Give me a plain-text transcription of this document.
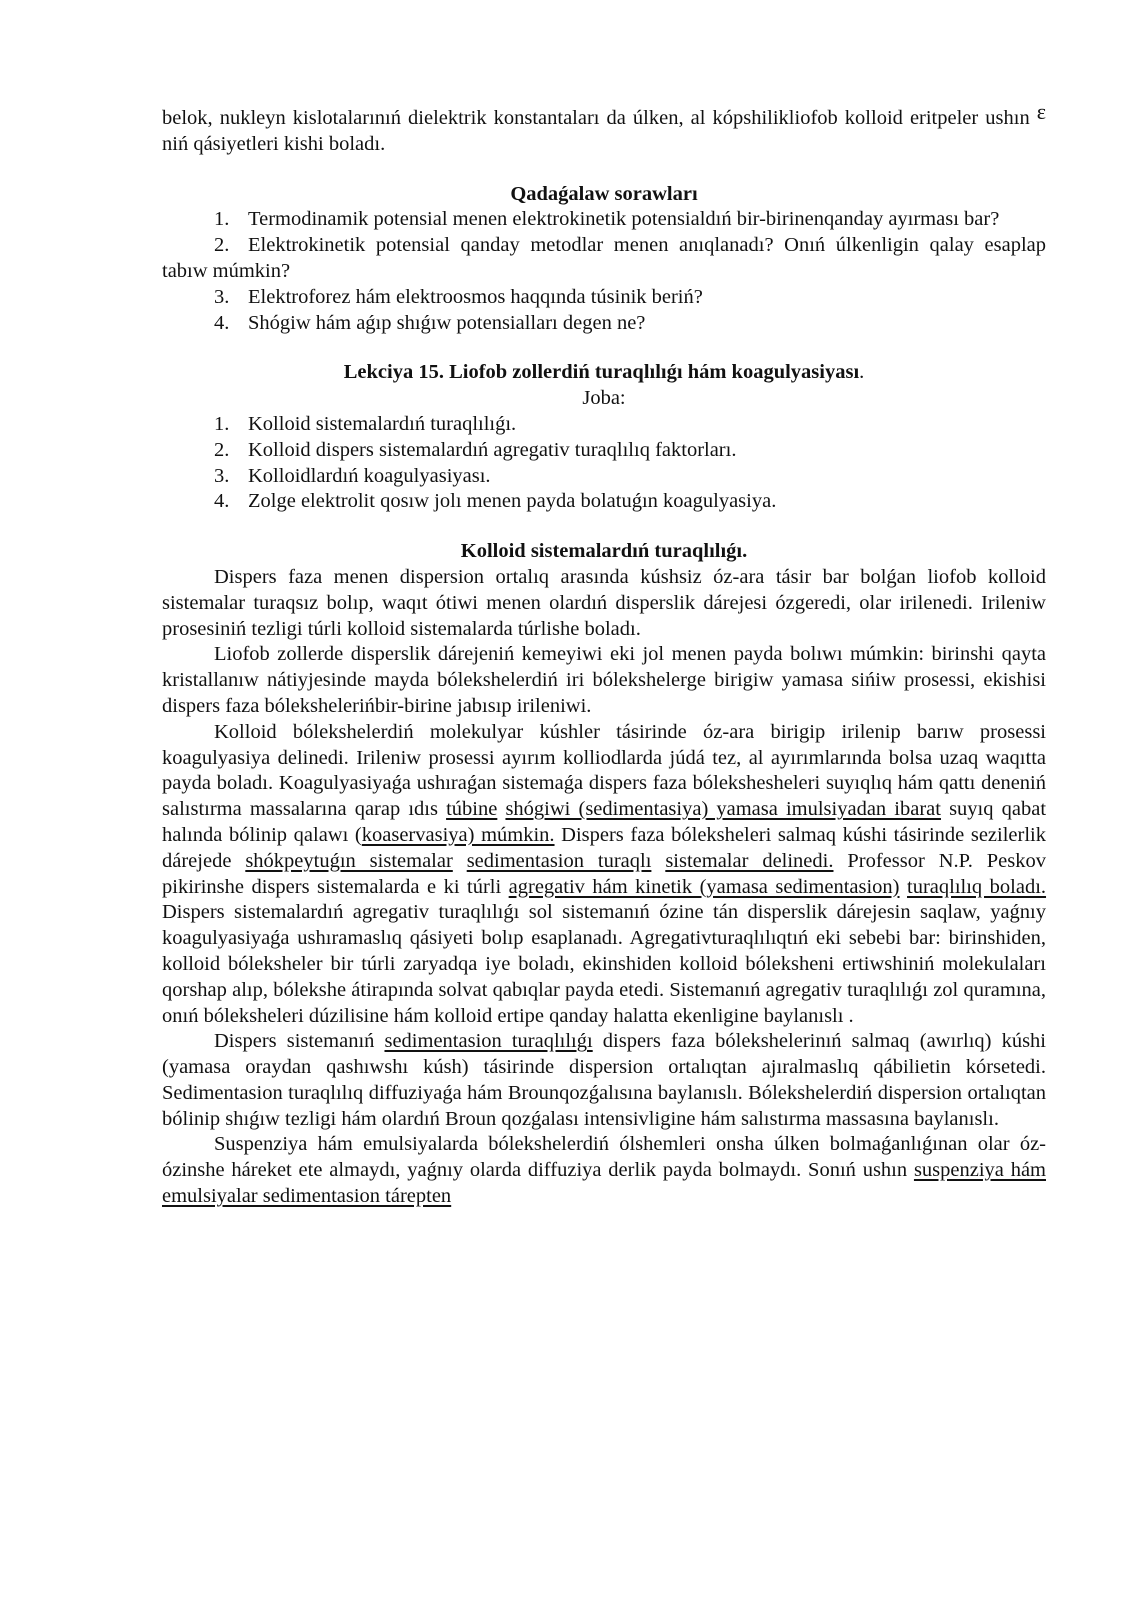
belok, nukleyn kislotalarınıń dielektrik konstantaları da úlken, al kópshilikliofob kolloid eritpeler ushın ε niń qásiyetleri kishi boladı.

Qadaǵalaw sorawları
1. Termodinamik potensial menen elektrokinetik potensialdıń bir-birinenqanday ayırması bar?
2. Elektrokinetik potensial qanday metodlar menen anıqlanadı? Onıń úlkenligin qalay esaplap tabıw múmkin?
3. Elektroforez hám elektroosmos haqqında túsinik beriń?
4. Shógiw hám aǵıp shıǵıw potensialları degen ne?
Lekciya 15. Liofob zollerdiń turaqlılıǵı hám koagulyasiyası.
Joba:
1. Kolloid sistemalardıń turaqlılıǵı.
2. Kolloid dispers sistemalardıń agregativ turaqlılıq faktorları.
3. Kolloidlardıń koagulyasiyası.
4. Zolge elektrolit qosıw jolı menen payda bolatuǵın koagulyasiya.
Kolloid sistemalardıń turaqlılıǵı.

Dispers faza menen dispersion ortalıq arasında kúshsiz óz-ara tásir bar bolǵan liofob kolloid sistemalar turaqsız bolıp, waqıt ótiwi menen olardıń disperslik dárejesi ózgeredi, olar irilenedi. Irileniw prosesiniń tezligi túrli kolloid sistemalarda túrlishe boladı.

Liofob zollerde disperslik dárejeniń kemeyiwi eki jol menen payda bolıwı múmkin: birinshi qayta kristallanıw nátiyjesinde mayda bólekshelerdiń iri bólekshelerge birigiw yamasa sińiw prosessi, ekishisi dispers faza bólekshelerińbir-birine jabısıp irileniwi.

Kolloid bólekshelerdiń molekulyar kúshler tásirinde óz-ara birigip irilenip barıw prosessi koagulyasiya delinedi. Irileniw prosessi ayırım kolliodlarda júdá tez, al ayırımlarında bolsa uzaq waqıtta payda boladı. Koagulyasiyaǵa ushıraǵan sistemaǵa dispers faza bólekshesheleri suyıqlıq hám qattı deneniń salıstırma massalarına qarap ıdıs túbine shógiwi (sedimentasiya) yamasa imulsiyadan ibarat suyıq qabat halında bólinip qalawı (koaservasiya) múmkin. Dispers faza bóleksheleri salmaq kúshi tásirinde sezilerlik dárejede shókpeytuǵın sistemalar sedimentasion turaqlı sistemalar delinedi. Professor N.P. Peskov pikirinshe dispers sistemalarda e ki túrli agregativ hám kinetik (yamasa sedimentasion) turaqlılıq boladı. Dispers sistemalardıń agregativ turaqlılıǵı sol sistemanıń ózine tán disperslik dárejesin saqlaw, yaǵnıy koagulyasiyaǵa ushıramaslıq qásiyeti bolıp esaplanadı. Agregativturaqlılıqtıń eki sebebi bar: birinshiden, kolloid bóleksheler bir túrli zaryadqa iye boladı, ekinshiden kolloid bólekshenі ertiwshiniń molekulaları qorshap alıp, bólekshe átirapında solvat qabıqlar payda etedi. Sistemanıń agregativ turaqlılıǵı zol quramına, onıń bóleksheleri dúzilisine hám kolloid ertipe qanday halatta ekenligine baylanıslı .

Dispers sistemanıń sedimentasion turaqlılıǵı dispers faza bólekshelerinıń salmaq (awırlıq) kúshi (yamasa oraydan qashıwshı kúsh) tásirinde dispersion ortalıqtan ajıralmaslıq qábilietin kórsetedi. Sedimentasion turaqlılıq diffuziyaǵa hám Brounqozǵalısına baylanıslı. Bólekshelerdiń dispersion ortalıqtan bólinip shıǵıw tezligi hám olardıń Broun qozǵalası intensivligine hám salıstırma massasına baylanıslı.

Suspenziya hám emulsiyalarda bólekshelerdiń ólshemleri onsha úlken bolmaǵanlıǵınan olar óz-ózinshe háreket ete almaydı, yaǵnıy olarda diffuziya derlik payda bolmaydı. Sonıń ushın suspenziya hám emulsiyalar sedimentasion tárepten
